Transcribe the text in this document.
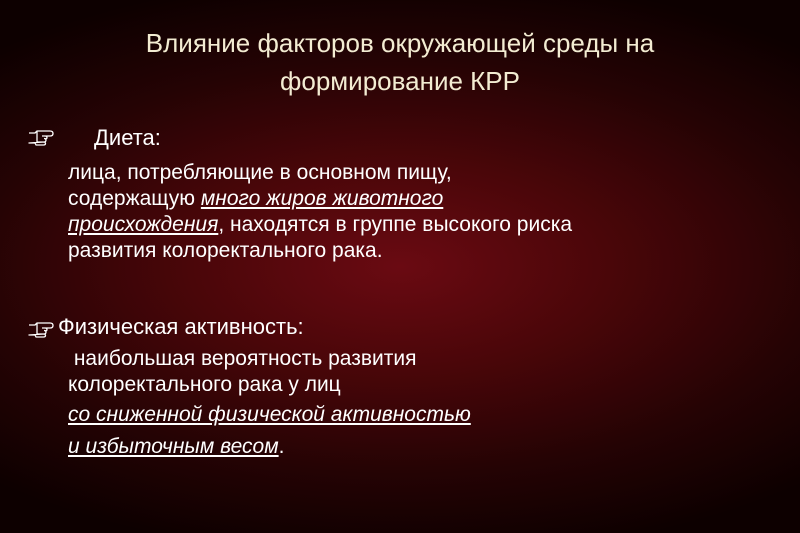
Влияние факторов окружающей среды на
формирование КРР
Диета:
лица, потребляющие в основном пищу,
содержащую много жиров животного
происхождения, находятся в группе высокого риска
развития колоректального рака.
Физическая активность:
наибольшая вероятность развития
колоректального рака у лиц
со сниженной физической активностью
и избыточным весом.
